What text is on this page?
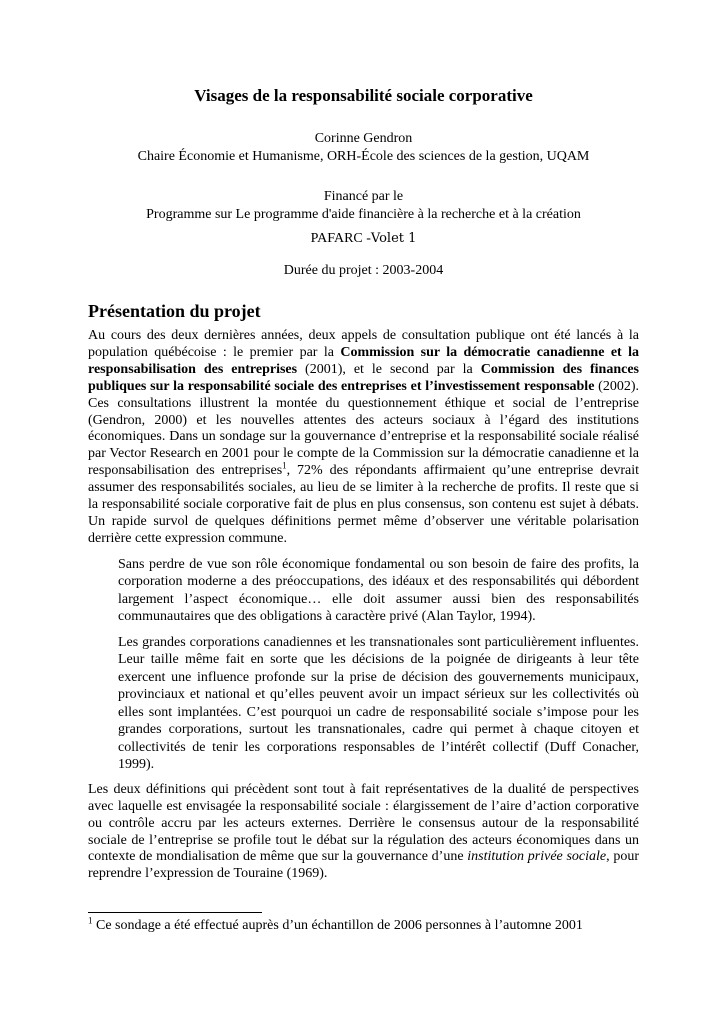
Visages de la responsabilité sociale corporative

Corinne Gendron

Chaire Économie et Humanisme, ORH-École des sciences de la gestion, UQAM

Financé par le

Programme sur Le programme d'aide financière à la recherche et à la création

PAFARC -Volet 1

Durée du projet : 2003-2004

Présentation du projet

Au cours des deux dernières années, deux appels de consultation publique ont été lancés à la population québécoise : le premier par la Commission sur la démocratie canadienne et la responsabilisation des entreprises (2001), et le second par la Commission des finances publiques sur la responsabilité sociale des entreprises et l’investissement responsable (2002). Ces consultations illustrent la montée du questionnement éthique et social de l’entreprise (Gendron, 2000) et les nouvelles attentes des acteurs sociaux à l’égard des institutions économiques. Dans un sondage sur la gouvernance d’entreprise et la responsabilité sociale réalisé par Vector Research en 2001 pour le compte de la Commission sur la démocratie canadienne et la responsabilisation des entreprises$^1$, 72% des répondants affirmaient qu’une entreprise devrait assumer des responsabilités sociales, au lieu de se limiter à la recherche de profits. Il reste que si la responsabilité sociale corporative fait de plus en plus consensus, son contenu est sujet à débats. Un rapide survol de quelques définitions permet même d’observer une véritable polarisation derrière cette expression commune.

Sans perdre de vue son rôle économique fondamental ou son besoin de faire des profits, la corporation moderne a des préoccupations, des idéaux et des responsabilités qui débordent largement l’aspect économique… elle doit assumer aussi bien des responsabilités communautaires que des obligations à caractère privé (Alan Taylor, 1994).

Les grandes corporations canadiennes et les transnationales sont particulièrement influentes. Leur taille même fait en sorte que les décisions de la poignée de dirigeants à leur tête exercent une influence profonde sur la prise de décision des gouvernements municipaux, provinciaux et national et qu’elles peuvent avoir un impact sérieux sur les collectivités où elles sont implantées. C’est pourquoi un cadre de responsabilité sociale s’impose pour les grandes corporations, surtout les transnationales, cadre qui permet à chaque citoyen et collectivités de tenir les corporations responsables de l’intérêt collectif (Duff Conacher, 1999).

Les deux définitions qui précèdent sont tout à fait représentatives de la dualité de perspectives avec laquelle est envisagée la responsabilité sociale : élargissement de l’aire d’action corporative ou contrôle accru par les acteurs externes. Derrière le consensus autour de la responsabilité sociale de l’entreprise se profile tout le débat sur la régulation des acteurs économiques dans un contexte de mondialisation de même que sur la gouvernance d’une institution privée sociale, pour reprendre l’expression de Touraine (1969).

$^1$ Ce sondage a été effectué auprès d’un échantillon de 2006 personnes à l’automne 2001
